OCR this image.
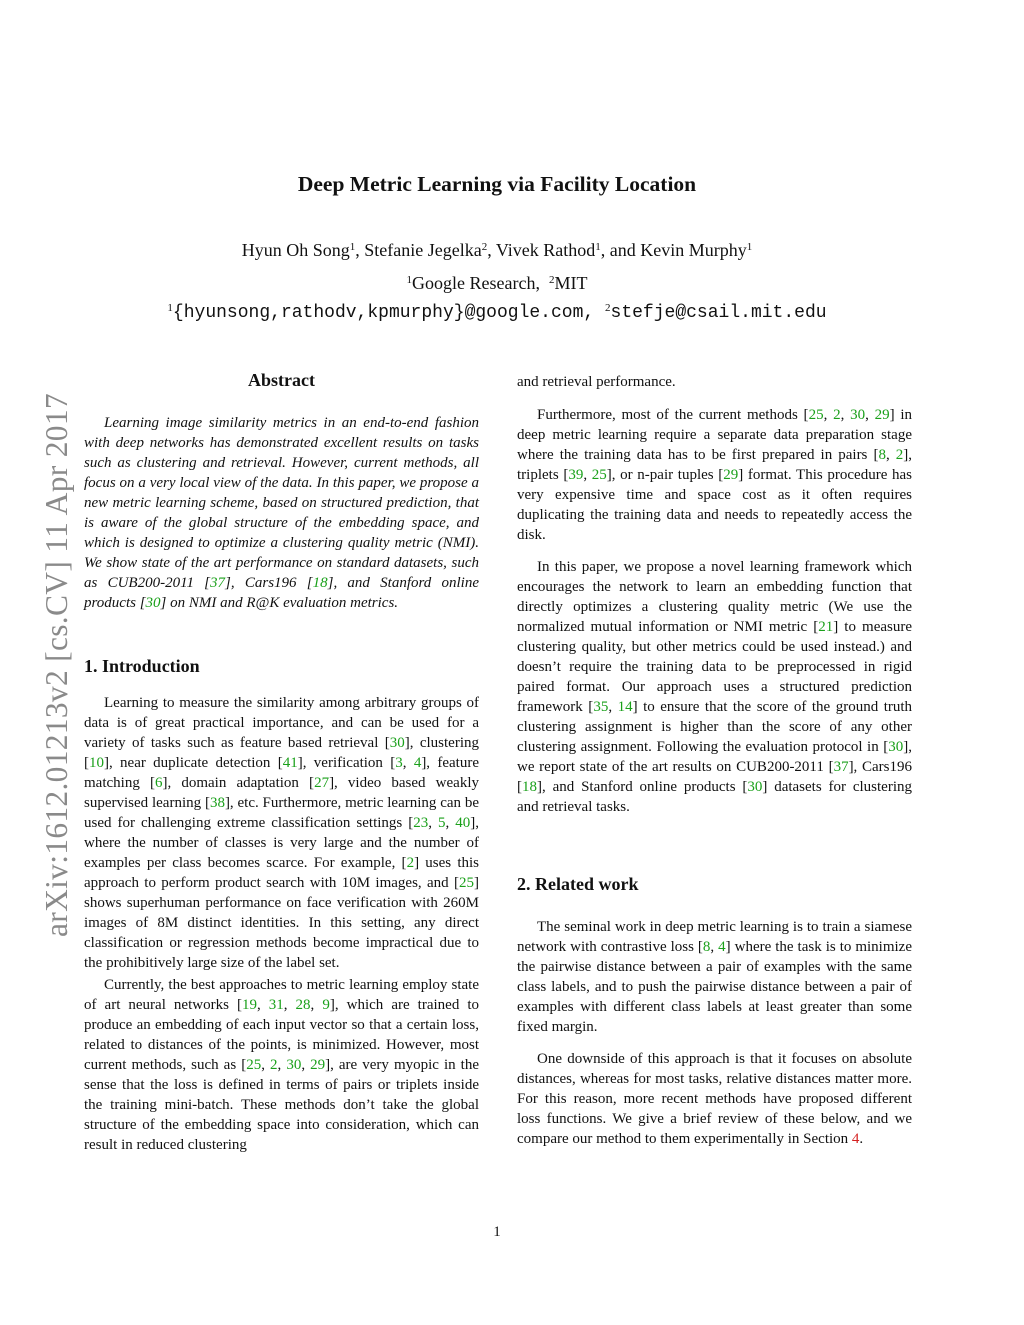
arXiv:1612.01213v2 [cs.CV] 11 Apr 2017
Deep Metric Learning via Facility Location
Hyun Oh Song$^1$, Stefanie Jegelka$^2$, Vivek Rathod$^1$, and Kevin Murphy$^1$
$^1$Google Research, $^2$MIT
$^1${hyunsong,rathodv,kpmurphy}@google.com, $^2$stefje@csail.mit.edu
Abstract

Learning image similarity metrics in an end-to-end fashion with deep networks has demonstrated excellent results on tasks such as clustering and retrieval. However, current methods, all focus on a very local view of the data. In this paper, we propose a new metric learning scheme, based on structured prediction, that is aware of the global structure of the embedding space, and which is designed to optimize a clustering quality metric (NMI). We show state of the art performance on standard datasets, such as CUB200-2011 [37], Cars196 [18], and Stanford online products [30] on NMI and R@K evaluation metrics.

1. Introduction

Learning to measure the similarity among arbitrary groups of data is of great practical importance, and can be used for a variety of tasks such as feature based retrieval [30], clustering [10], near duplicate detection [41], verification [3, 4], feature matching [6], domain adaptation [27], video based weakly supervised learning [38], etc. Furthermore, metric learning can be used for challenging extreme classification settings [23, 5, 40], where the number of classes is very large and the number of examples per class becomes scarce. For example, [2] uses this approach to perform product search with 10M images, and [25] shows superhuman performance on face verification with 260M images of 8M distinct identities. In this setting, any direct classification or regression methods become impractical due to the prohibitively large size of the label set.

Currently, the best approaches to metric learning employ state of art neural networks [19, 31, 28, 9], which are trained to produce an embedding of each input vector so that a certain loss, related to distances of the points, is minimized. However, most current methods, such as [25, 2, 30, 29], are very myopic in the sense that the loss is defined in terms of pairs or triplets inside the training mini-batch. These methods don’t take the global structure of the embedding space into consideration, which can result in reduced clustering

and retrieval performance.

Furthermore, most of the current methods [25, 2, 30, 29] in deep metric learning require a separate data preparation stage where the training data has to be first prepared in pairs [8, 2], triplets [39, 25], or n-pair tuples [29] format. This procedure has very expensive time and space cost as it often requires duplicating the training data and needs to repeatedly access the disk.

In this paper, we propose a novel learning framework which encourages the network to learn an embedding function that directly optimizes a clustering quality metric (We use the normalized mutual information or NMI metric [21] to measure clustering quality, but other metrics could be used instead.) and doesn’t require the training data to be preprocessed in rigid paired format. Our approach uses a structured prediction framework [35, 14] to ensure that the score of the ground truth clustering assignment is higher than the score of any other clustering assignment. Following the evaluation protocol in [30], we report state of the art results on CUB200-2011 [37], Cars196 [18], and Stanford online products [30] datasets for clustering and retrieval tasks.

2. Related work

The seminal work in deep metric learning is to train a siamese network with contrastive loss [8, 4] where the task is to minimize the pairwise distance between a pair of examples with the same class labels, and to push the pairwise distance between a pair of examples with different class labels at least greater than some fixed margin.

One downside of this approach is that it focuses on absolute distances, whereas for most tasks, relative distances matter more. For this reason, more recent methods have proposed different loss functions. We give a brief review of these below, and we compare our method to them experimentally in Section 4.

1
